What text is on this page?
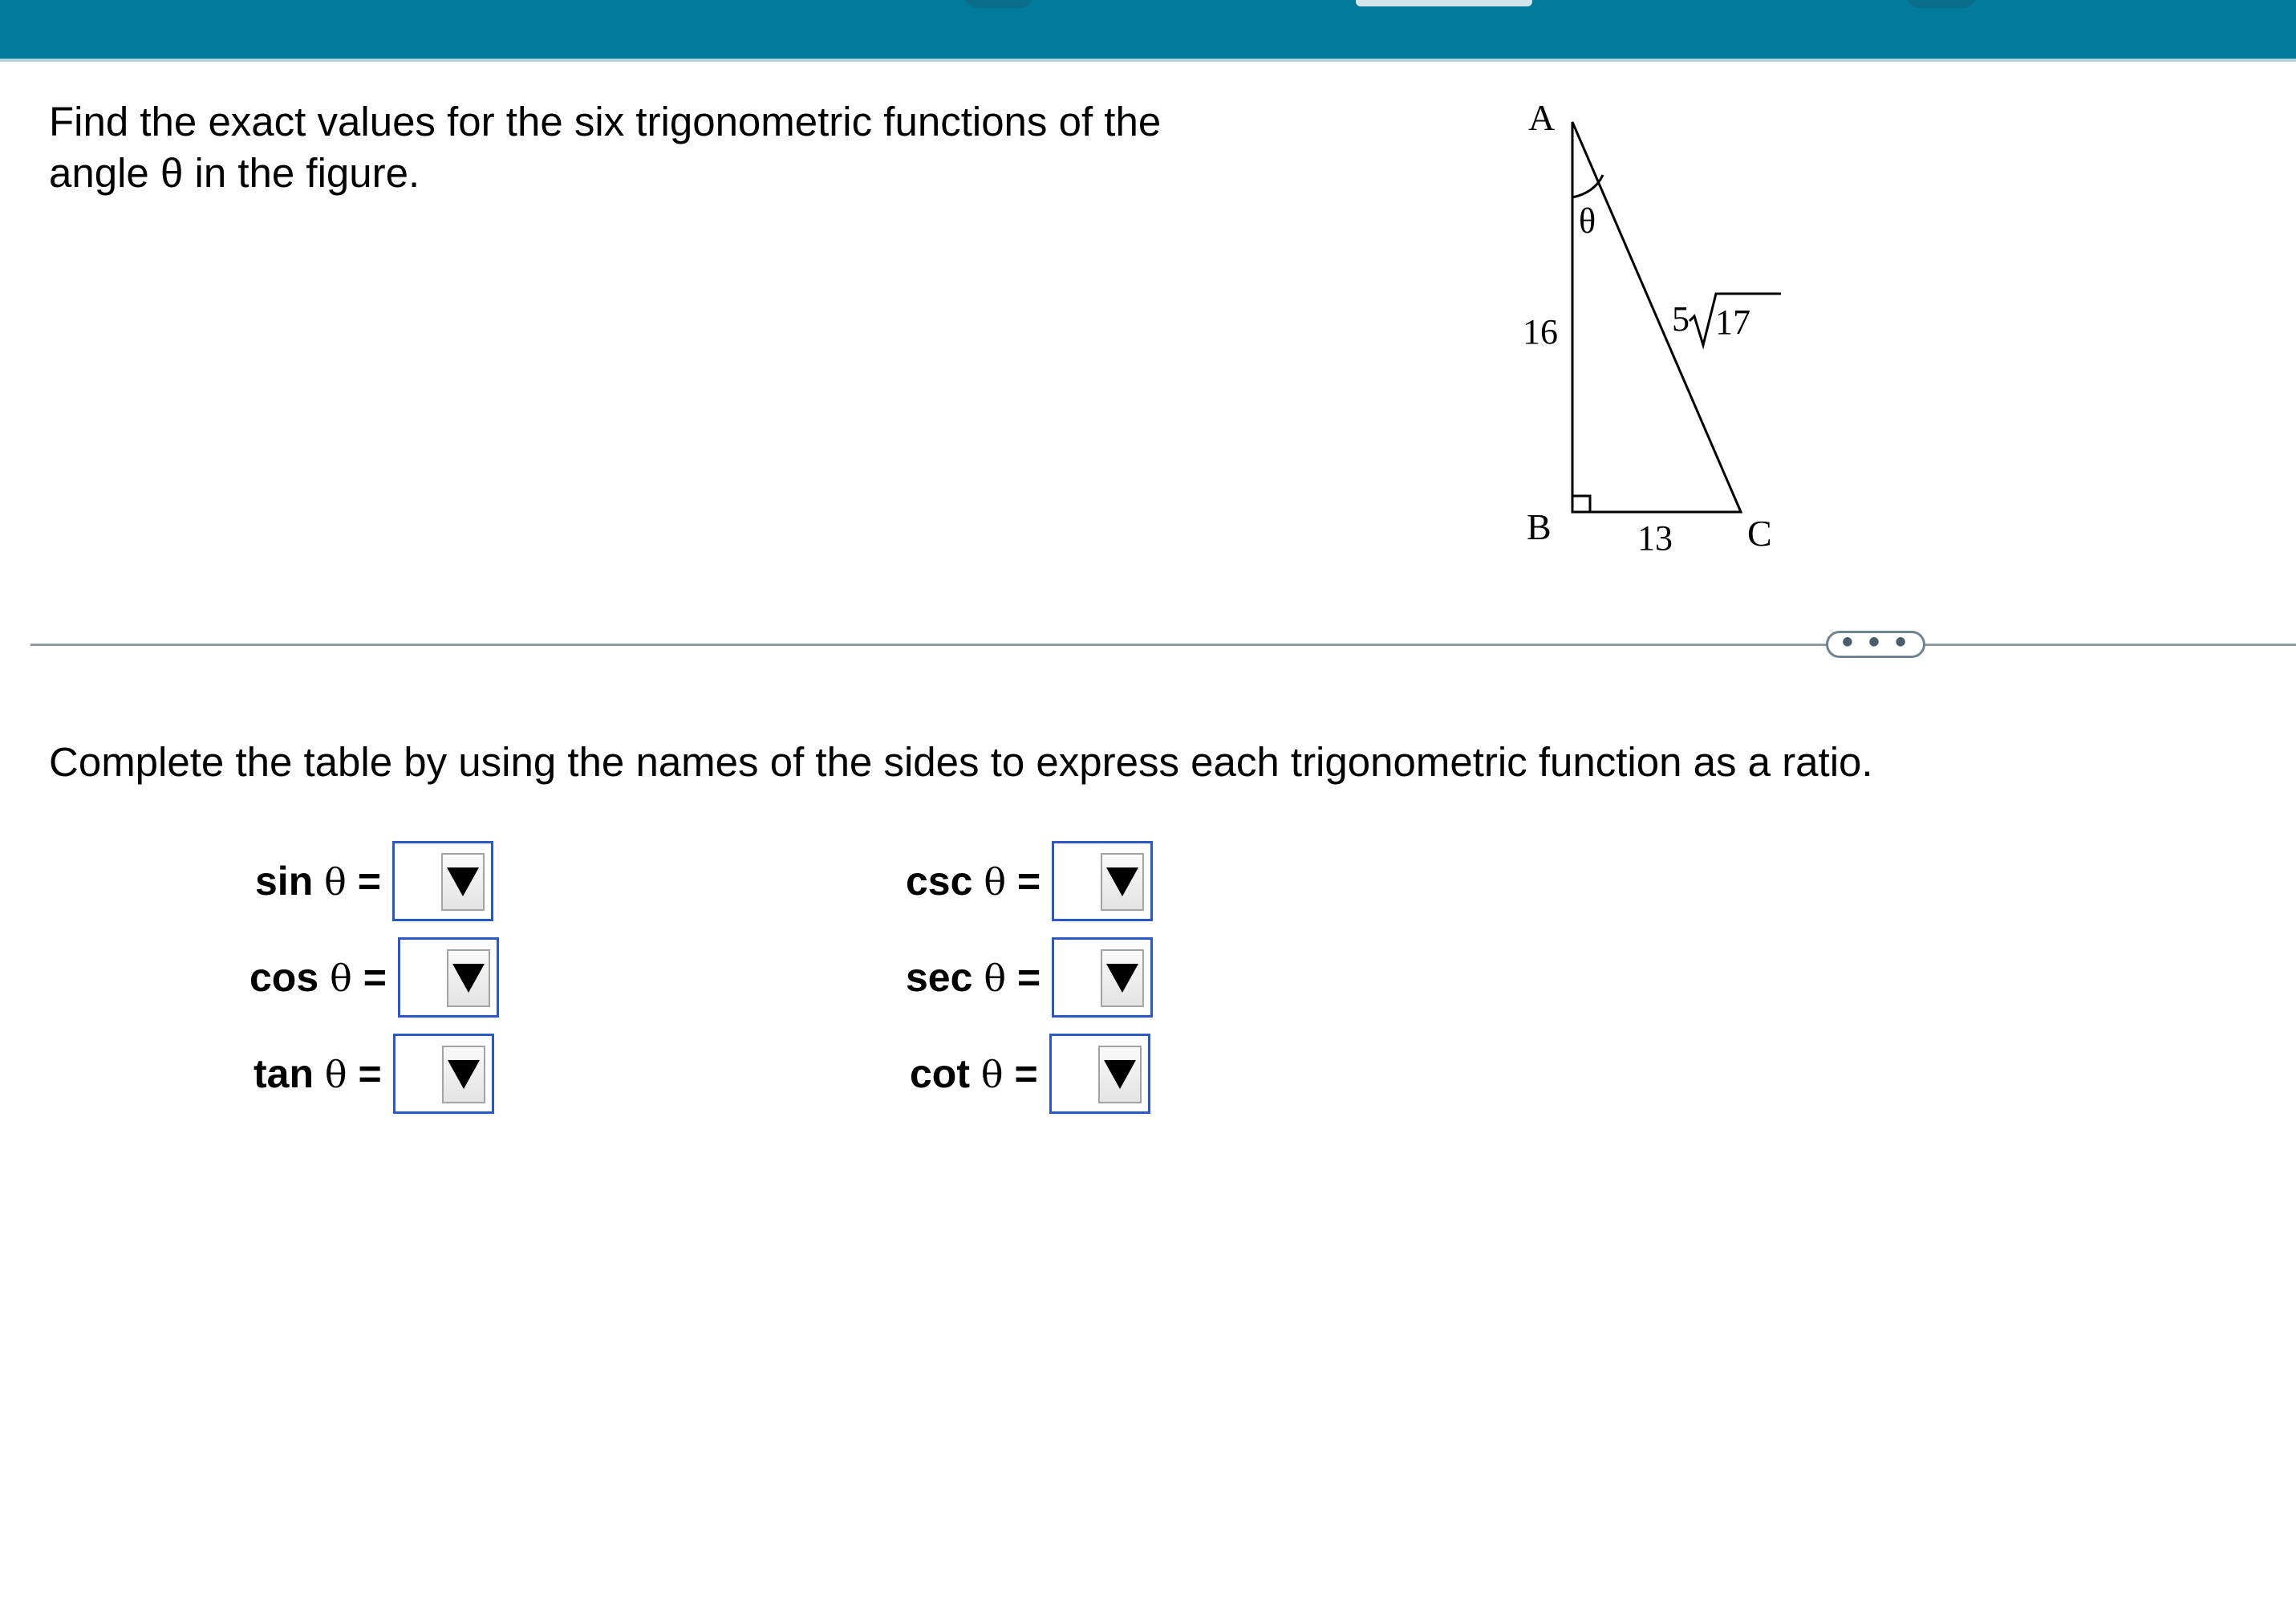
Find the exact values for the six trigonometric functions of the
angle θ in the figure.
A
B	C
θ
16
13
5 17
• • •
Complete the table by using the names of the sides to express each trigonometric function as a ratio.
sin θ =
cos θ =
tan θ =
csc θ =
sec θ =
cot θ =
